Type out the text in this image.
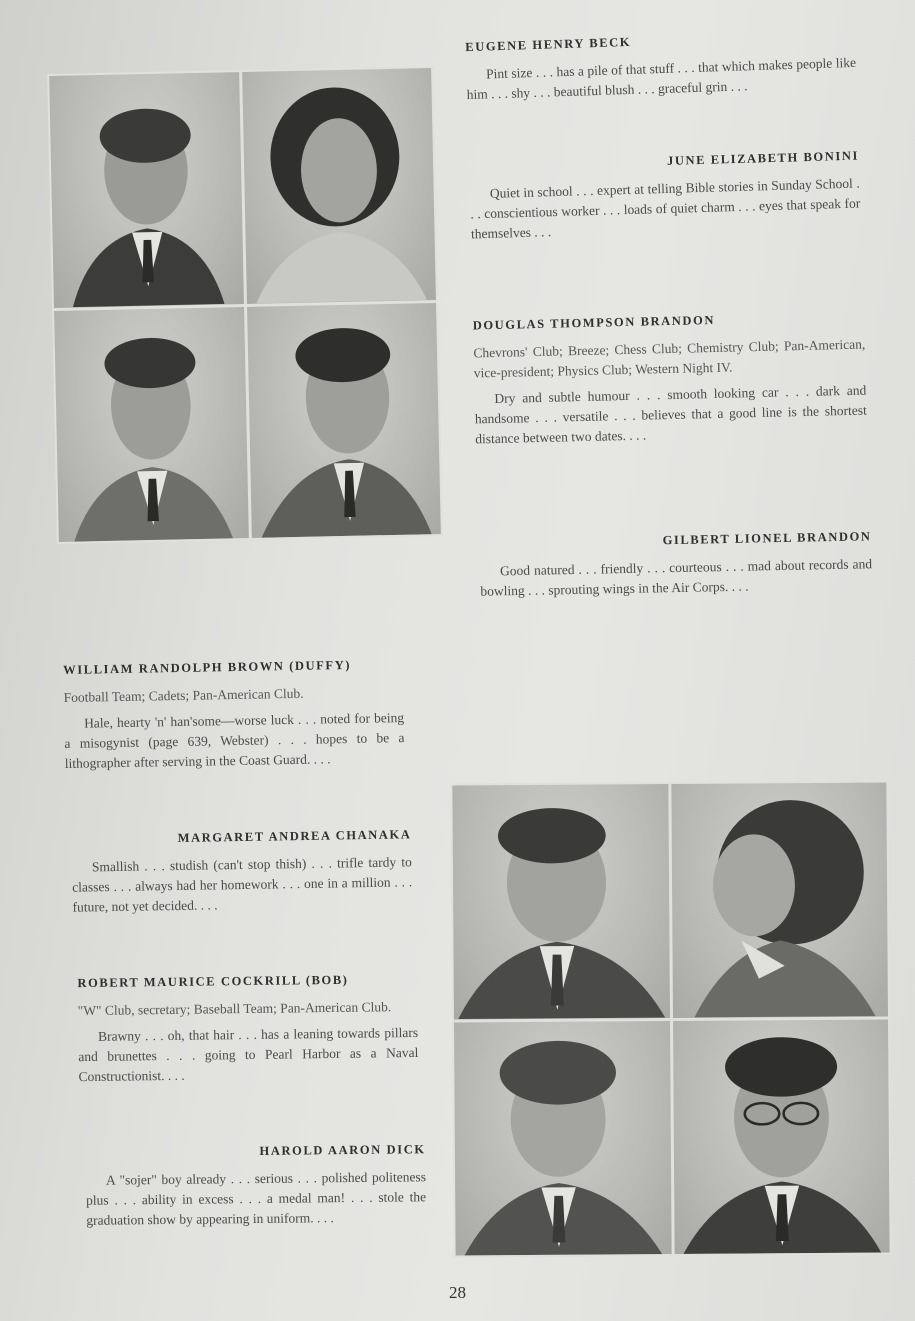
EUGENE HENRY BECK

Pint size . . . has a pile of that stuff . . . that which makes people like him . . . shy . . . beautiful blush . . . graceful grin . . .

JUNE ELIZABETH BONINI

Quiet in school . . . expert at telling Bible stories in Sunday School . . . conscientious worker . . . loads of quiet charm . . . eyes that speak for themselves . . .

DOUGLAS THOMPSON BRANDON

Chevrons' Club; Breeze; Chess Club; Chemistry Club; Pan-American, vice-president; Physics Club; Western Night IV.

Dry and subtle humour . . . smooth looking car . . . dark and handsome . . . versatile . . . believes that a good line is the shortest distance between two dates. . . .

GILBERT LIONEL BRANDON

Good natured . . . friendly . . . courteous . . . mad about records and bowling . . . sprouting wings in the Air Corps. . . .

WILLIAM RANDOLPH BROWN (DUFFY)

Football Team; Cadets; Pan-American Club.

Hale, hearty 'n' han'some—worse luck . . . noted for being a misogynist (page 639, Webster) . . . hopes to be a lithographer after serving in the Coast Guard. . . .

MARGARET ANDREA CHANAKA

Smallish . . . studish (can't stop thish) . . . trifle tardy to classes . . . always had her homework . . . one in a million . . . future, not yet decided. . . .

ROBERT MAURICE COCKRILL (BOB)

"W" Club, secretary; Baseball Team; Pan-American Club.

Brawny . . . oh, that hair . . . has a leaning towards pillars and brunettes . . . going to Pearl Harbor as a Naval Constructionist. . . .

HAROLD AARON DICK

A "sojer" boy already . . . serious . . . polished politeness plus . . . ability in excess . . . a medal man! . . . stole the graduation show by appearing in uniform. . . .

28
